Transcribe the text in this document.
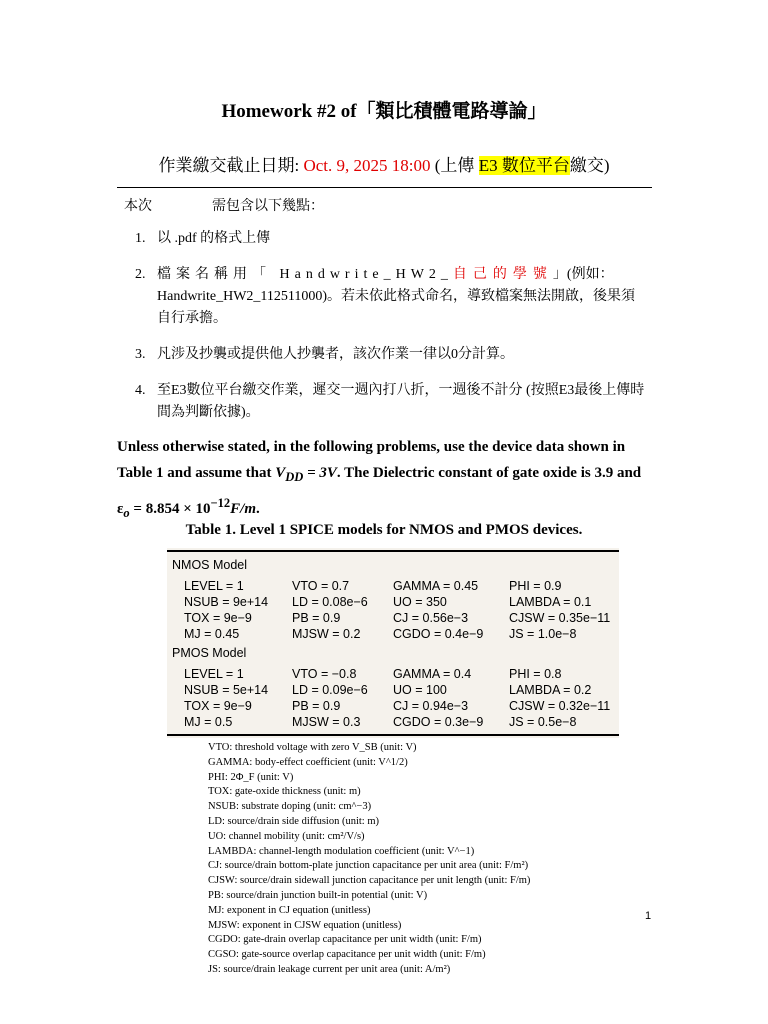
Homework #2 of「類比積體電路導論」
作業繳交截止日期: Oct. 9, 2025 18:00 (上傳 E3 數位平台繳交)
本次	需包含以下幾點：
1. 以 .pdf 的格式上傳
2. 檔案名稱用「 Handwrite_HW2_自己的學號」(例如：Handwrite_HW2_112511000)。若未依此格式命名，導致檔案無法開啟，後果須自行承擔。
3. 凡涉及抄襲或提供他人抄襲者，該次作業一律以0分計算。
4. 至E3數位平台繳交作業，遲交一週內打八折，一週後不計分 (按照E3最後上傳時間為判斷依據)。
Unless otherwise stated, in the following problems, use the device data shown in Table 1 and assume that $V_{DD} = 3V$. The Dielectric constant of gate oxide is 3.9 and $\varepsilon_o = 8.854 \times 10^{-12}F/m$.
Table 1. Level 1 SPICE models for NMOS and PMOS devices.
NMOS Model
LEVEL = 1	VTO = 0.7	GAMMA = 0.45 PHI = 0.9
NSUB = 9e+14 LD = 0.08e−6 UO = 350	LAMBDA = 0.1
TOX = 9e−9	PB = 0.9	CJ = 0.56e−3	CJSW = 0.35e−11
MJ = 0.45	MJSW = 0.2	CGDO = 0.4e−9 JS = 1.0e−8
PMOS Model
LEVEL = 1	VTO = −0.8	GAMMA = 0.4	PHI = 0.8
NSUB = 5e+14 LD = 0.09e−6 UO = 100	LAMBDA = 0.2
TOX = 9e−9	PB = 0.9	CJ = 0.94e−3	CJSW = 0.32e−11
MJ = 0.5	MJSW = 0.3	CGDO = 0.3e−9 JS = 0.5e−8
VTO: threshold voltage with zero V_SB (unit: V)
GAMMA: body-effect coefficient (unit: V^1/2)
PHI: 2Φ_F (unit: V)
TOX: gate-oxide thickness (unit: m)
NSUB: substrate doping (unit: cm^−3)
LD: source/drain side diffusion (unit: m)
UO: channel mobility (unit: cm²/V/s)
LAMBDA: channel-length modulation coefficient (unit: V^−1)
CJ: source/drain bottom-plate junction capacitance per unit area (unit: F/m²)
CJSW: source/drain sidewall junction capacitance per unit length (unit: F/m)
PB: source/drain junction built-in potential (unit: V)
MJ: exponent in CJ equation (unitless)
MJSW: exponent in CJSW equation (unitless)
CGDO: gate-drain overlap capacitance per unit width (unit: F/m)
CGSO: gate-source overlap capacitance per unit width (unit: F/m)
JS: source/drain leakage current per unit area (unit: A/m²)
1
